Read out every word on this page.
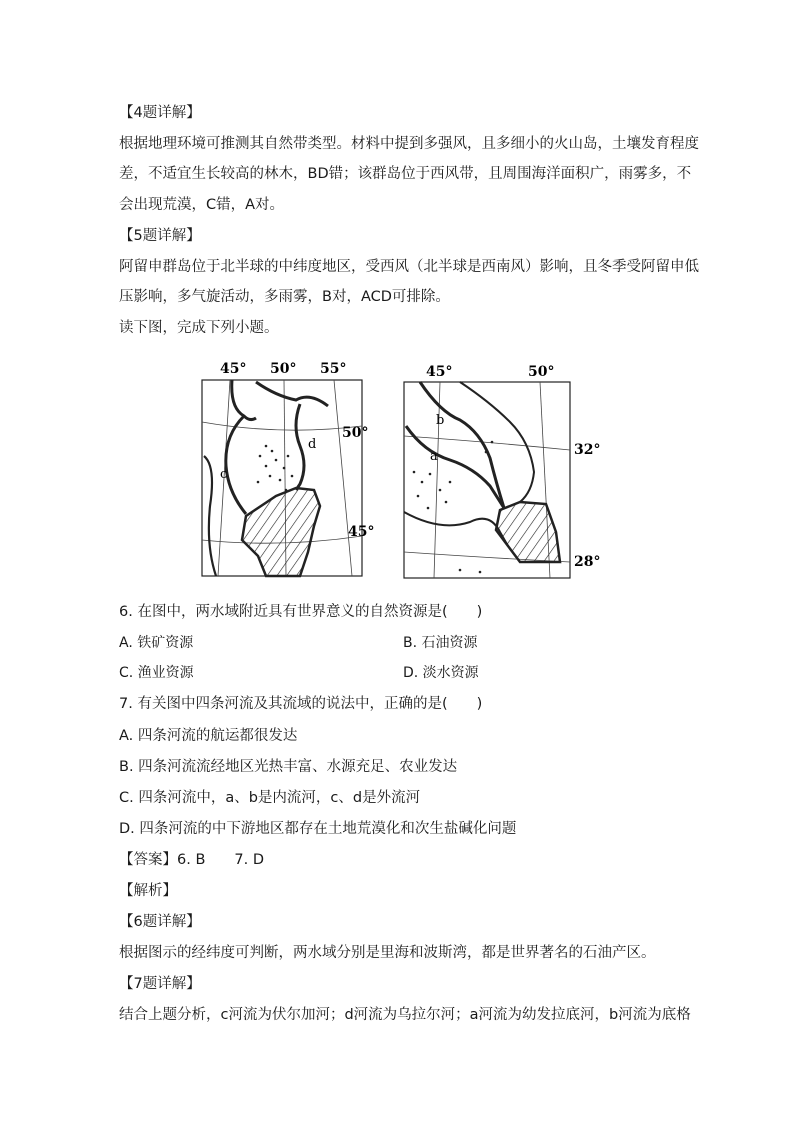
【4题详解】
根据地理环境可推测其自然带类型。材料中提到多强风，且多细小的火山岛，土壤发育程度
差，不适宜生长较高的林木，BD错；该群岛位于西风带，且周围海洋面积广，雨雾多，不
会出现荒漠，C错，A对。
【5题详解】
阿留申群岛位于北半球的中纬度地区，受西风（北半球是西南风）影响，且冬季受阿留申低
压影响，多气旋活动，多雨雾，B对，ACD可排除。
读下图，完成下列小题。
45° 50° 55°
50°
45°
c
d
45°	50°
32°
28°
b
a
6. 在图中，两水域附近具有世界意义的自然资源是(　　)
A. 铁矿资源	B. 石油资源
C. 渔业资源	D. 淡水资源
7. 有关图中四条河流及其流域的说法中，正确的是(　　)
A. 四条河流的航运都很发达
B. 四条河流流经地区光热丰富、水源充足、农业发达
C. 四条河流中，a、b是内流河，c、d是外流河
D. 四条河流的中下游地区都存在土地荒漠化和次生盐碱化问题
【答案】6. B　　7. D
【解析】
【6题详解】
根据图示的经纬度可判断，两水域分别是里海和波斯湾，都是世界著名的石油产区。
【7题详解】
结合上题分析，c河流为伏尔加河；d河流为乌拉尔河；a河流为幼发拉底河，b河流为底格
